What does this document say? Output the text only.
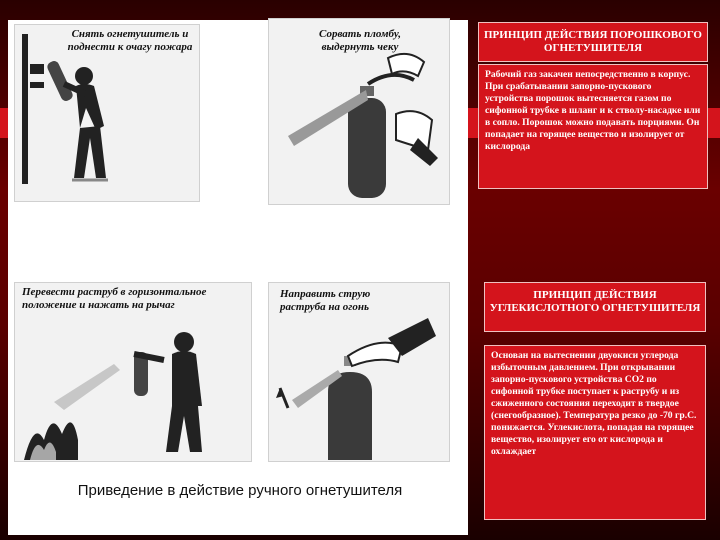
Снять огнетушитель и поднести к очагу пожара
Сорвать пломбу, выдернуть чеку
Перевести раструб в горизонтальное положение и нажать на рычаг
Направить струю раструба на огонь
Приведение в действие ручного огнетушителя
ПРИНЦИП ДЕЙСТВИЯ ПОРОШКОВОГО ОГНЕТУШИТЕЛЯ
Рабочий газ закачен непосредственно в корпус. При срабатывании запорно-пускового устройства порошок вытесняется газом по сифонной трубке в шланг и к стволу-насадке или в сопло. Порошок можно подавать порциями. Он попадает на горящее вещество и изолирует от кислорода
ПРИНЦИП ДЕЙСТВИЯ УГЛЕКИСЛОТНОГО ОГНЕТУШИТЕЛЯ
Основан на вытеснении двуокиси углерода избыточным давлением. При открывании запорно-пускового устройства СО2 по сифонной трубке поступает к раструбу и из сжиженного состояния переходит в твердое (снегообразное). Температура резко до -70 гр.С. понижается. Углекислота, попадая на горящее вещество, изолирует его от кислорода и охлаждает
